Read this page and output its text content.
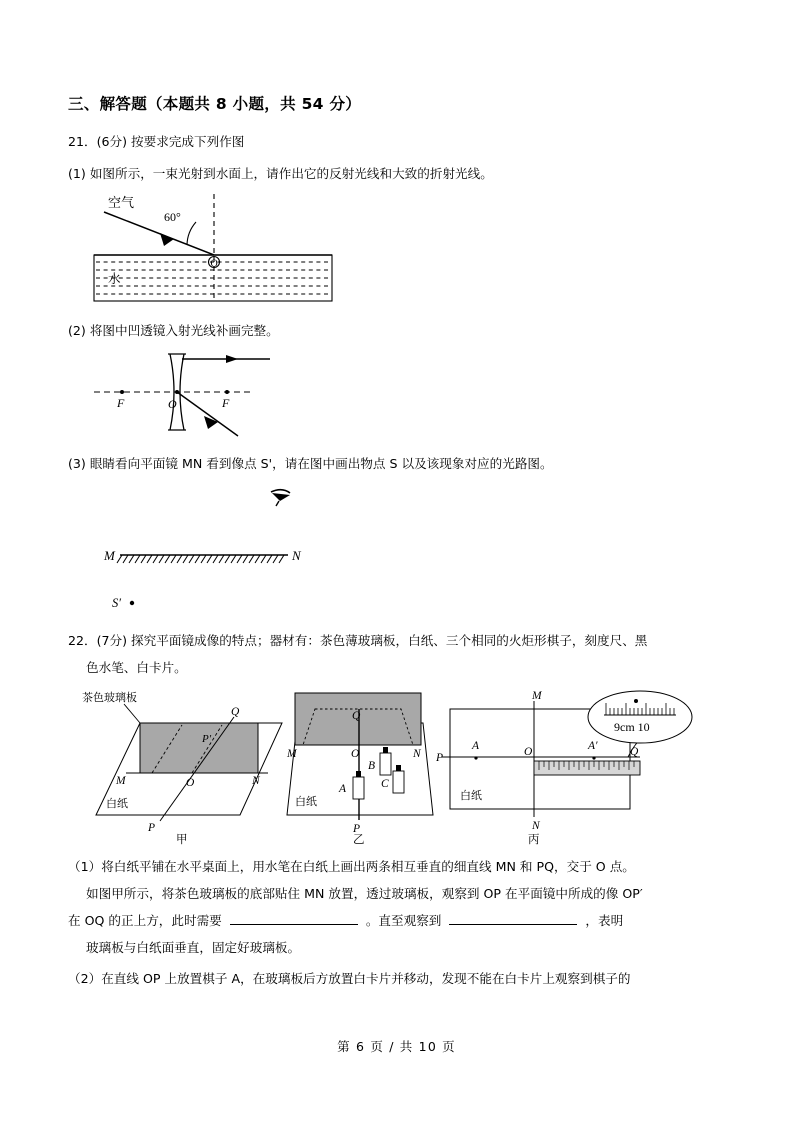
三、解答题（本题共 8 小题，共 54 分）
21．(6分) 按要求完成下列作图
(1) 如图所示，一束光射到水面上，请作出它的反射光线和大致的折射光线。
空气
60°
O
水
(2) 将图中凹透镜入射光线补画完整。
F	F
O
(3) 眼睛看向平面镜 MN 看到像点 S'，请在图中画出物点 S 以及该现象对应的光路图。
M	N
S′
22．(7分) 探究平面镜成像的特点；器材有：茶色薄玻璃板，白纸、三个相同的火炬形棋子，刻度尺、黑
色水笔、白卡片。
茶色玻璃板
M	O	N
P
Q
P′
白纸
甲
M	O	N
P
Q
A
B
C
白纸
乙
M
N
P	Q
O
A	A′
9cm 10
白纸
丙
（1）将白纸平铺在水平桌面上，用水笔在白纸上画出两条相互垂直的细直线 MN 和 PQ，交于 O 点。
如图甲所示，将茶色玻璃板的底部贴住 MN 放置，透过玻璃板，观察到 OP 在平面镜中所成的像 OP′
在 OQ 的正上方，此时需要	。直至观察到	，表明
玻璃板与白纸面垂直，固定好玻璃板。
（2）在直线 OP 上放置棋子 A，在玻璃板后方放置白卡片并移动，发现不能在白卡片上观察到棋子的
第 6 页 / 共 10 页
